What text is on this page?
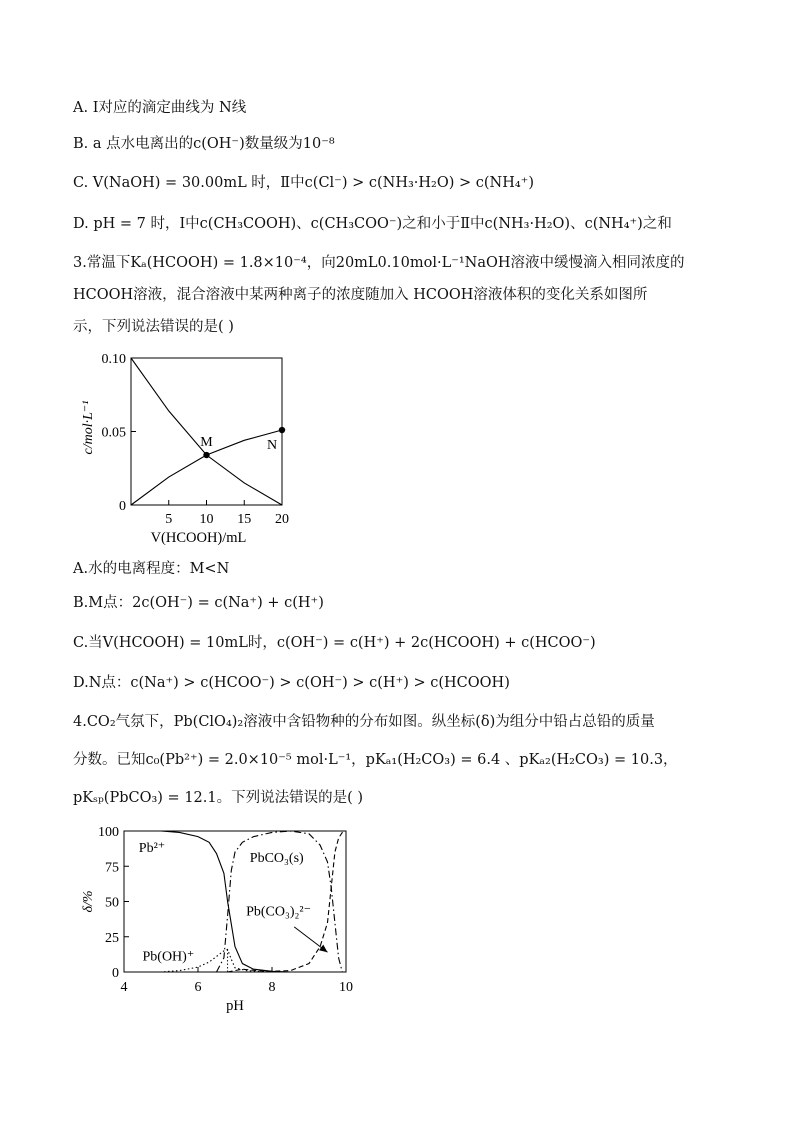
A. Ⅰ对应的滴定曲线为 N线
B. a 点水电离出的c(OH⁻)数量级为10⁻⁸
C. V(NaOH) = 30.00mL 时，Ⅱ中c(Cl⁻) > c(NH₃·H₂O) > c(NH₄⁺)
D. pH = 7 时，Ⅰ中c(CH₃COOH)、c(CH₃COO⁻)之和小于Ⅱ中c(NH₃·H₂O)、c(NH₄⁺)之和
3.常温下Kₐ(HCOOH) = 1.8×10⁻⁴，向20mL0.10mol·L⁻¹NaOH溶液中缓慢滴入相同浓度的
HCOOH溶液，混合溶液中某两种离子的浓度随加入 HCOOH溶液体积的变化关系如图所
示，下列说法错误的是( )
0
0.05
0.10
5 10 15 20
V(HCOOH)/mL
c/mol·L⁻¹	M	N
A.水的电离程度：M<N
B.M点：2c(OH⁻) = c(Na⁺) + c(H⁺)
C.当V(HCOOH) = 10mL时，c(OH⁻) = c(H⁺) + 2c(HCOOH) + c(HCOO⁻)
D.N点：c(Na⁺) > c(HCOO⁻) > c(OH⁻) > c(H⁺) > c(HCOOH)
4.CO₂气氛下，Pb(ClO₄)₂溶液中含铅物种的分布如图。纵坐标(δ)为组分中铅占总铅的质量
分数。已知c₀(Pb²⁺) = 2.0×10⁻⁵ mol·L⁻¹，pKₐ₁(H₂CO₃) = 6.4 、pKₐ₂(H₂CO₃) = 10.3，
pKₛₚ(PbCO₃) = 12.1。下列说法错误的是( )
0
25
50
75
100
4	6	8	10
pH
δ/%
Pb²⁺
Pb(OH)⁺
PbCO₃(s)
Pb(CO₃)₂²⁻
